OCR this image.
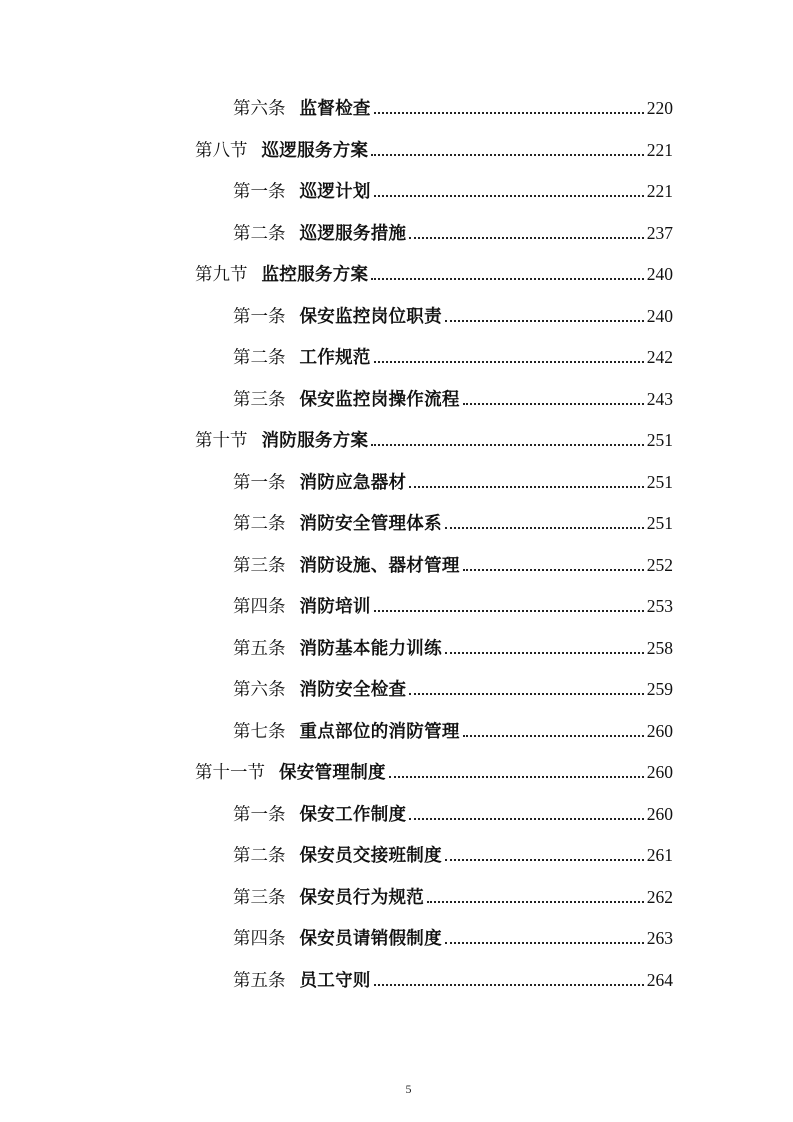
第六条 监督检查	220
第八节 巡逻服务方案	221
第一条 巡逻计划	221
第二条 巡逻服务措施	237
第九节 监控服务方案	240
第一条 保安监控岗位职责	240
第二条 工作规范	242
第三条 保安监控岗操作流程	243
第十节 消防服务方案	251
第一条 消防应急器材	251
第二条 消防安全管理体系	251
第三条 消防设施、器材管理	252
第四条 消防培训	253
第五条 消防基本能力训练	258
第六条 消防安全检查	259
第七条 重点部位的消防管理	260
第十一节 保安管理制度	260
第一条 保安工作制度	260
第二条 保安员交接班制度	261
第三条 保安员行为规范	262
第四条 保安员请销假制度	263
第五条 员工守则	264
5
